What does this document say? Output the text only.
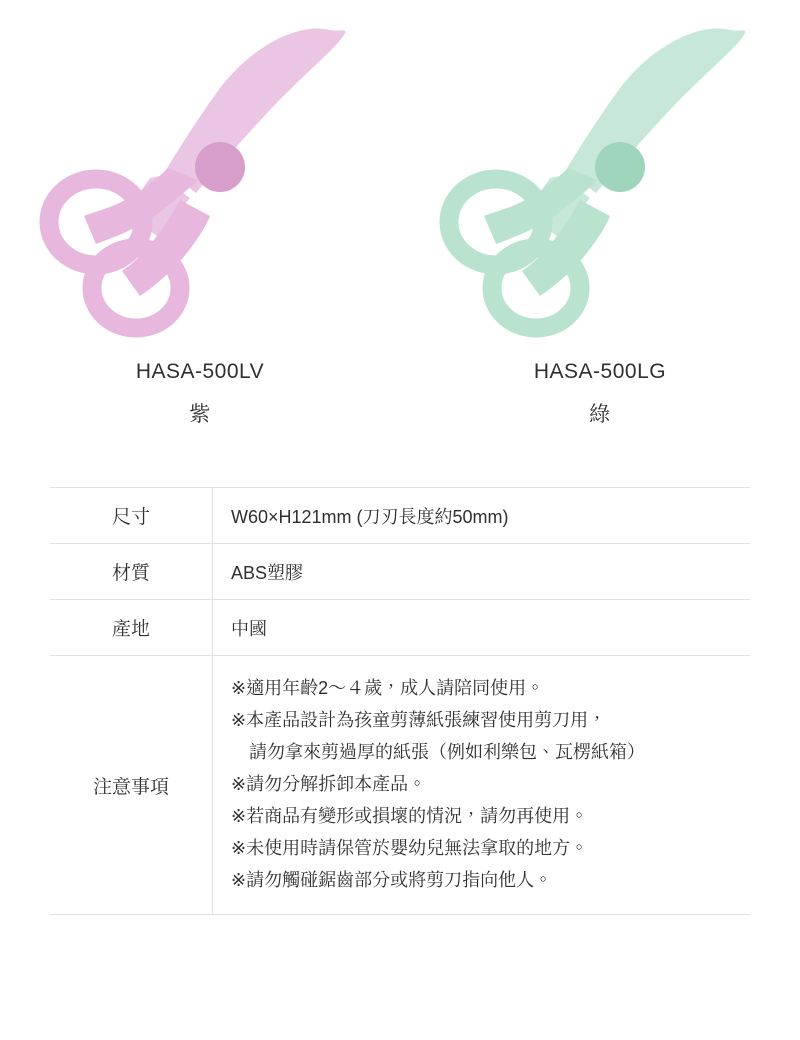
HASA-500LV
紫
HASA-500LG
綠
尺寸	W60×H121mm (刀刃長度約50mm)
材質	ABS塑膠
產地	中國
注意事項	
※適用年齡2～４歲，成人請陪同使用。
※本產品設計為孩童剪薄紙張練習使用剪刀用，
請勿拿來剪過厚的紙張（例如利樂包、瓦楞紙箱）
※請勿分解拆卸本產品。
※若商品有變形或損壞的情況，請勿再使用。
※未使用時請保管於嬰幼兒無法拿取的地方。
※請勿觸碰鋸齒部分或將剪刀指向他人。
